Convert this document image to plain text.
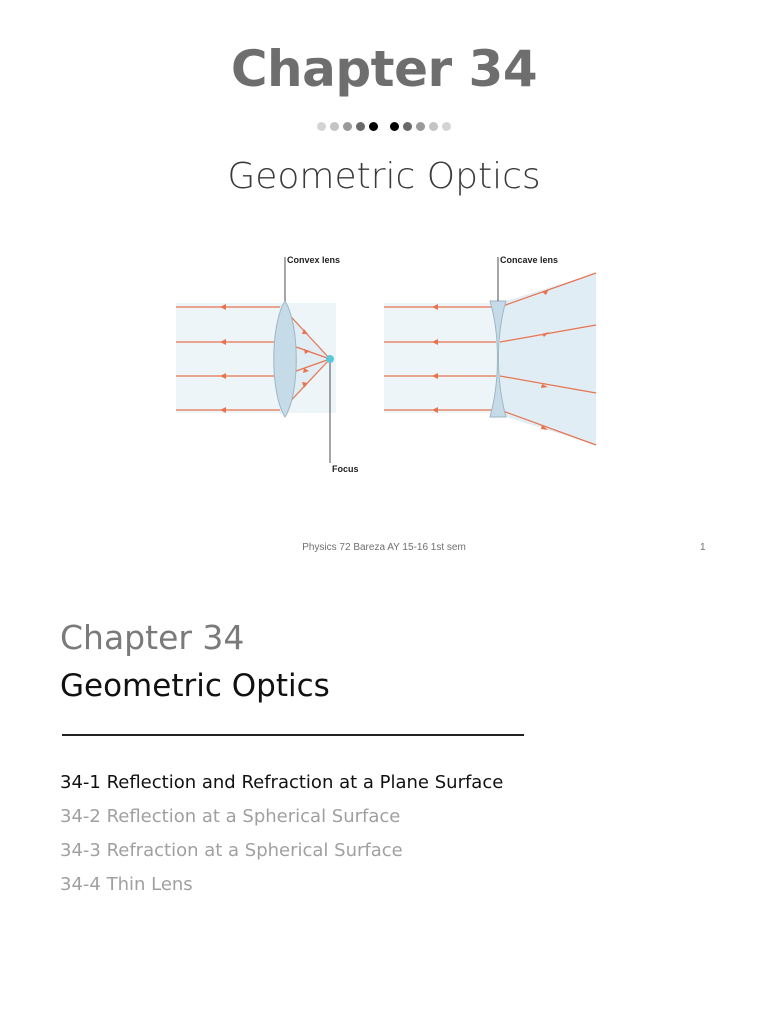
Chapter 34
Geometric Optics
Convex lens
Focus
Concave lens
Physics 72 Bareza AY 15-16 1st sem	1
Chapter 34
Geometric Optics
34-1 Reflection and Refraction at a Plane Surface
34-2 Reflection at a Spherical Surface
34-3 Refraction at a Spherical Surface
34-4 Thin Lens
